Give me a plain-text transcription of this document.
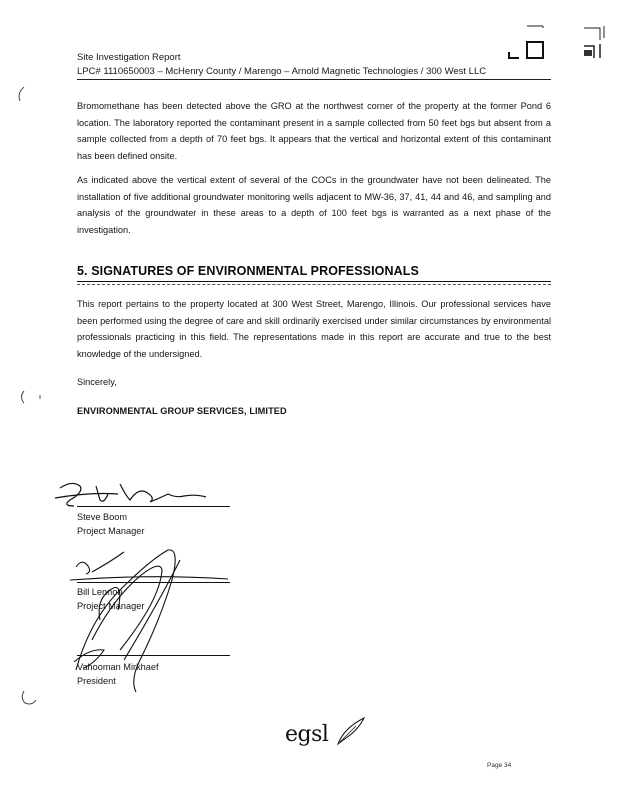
Site Investigation Report
LPC# 1110650003 – McHenry County / Marengo – Arnold Magnetic Technologies / 300 West LLC

Bromomethane has been detected above the GRO at the northwest corner of the property at the former Pond 6 location. The laboratory reported the contaminant present in a sample collected from 50 feet bgs but absent from a sample collected from a depth of 70 feet bgs. It appears that the vertical and horizontal extent of this contaminant has been defined onsite.

As indicated above the vertical extent of several of the COCs in the groundwater have not been delineated. The installation of five additional groundwater monitoring wells adjacent to MW-36, 37, 41, 44 and 46, and sampling and analysis of the groundwater in these areas to a depth of 100 feet bgs is warranted as a next phase of the investigation.

5. SIGNATURES OF ENVIRONMENTAL PROFESSIONALS

This report pertains to the property located at 300 West Street, Marengo, Illinois. Our professional services have been performed using the degree of care and skill ordinarily exercised under similar circumstances by environmental professionals practicing in this field. The representations made in this report are accurate and true to the best knowledge of the undersigned.

Sincerely,
ENVIRONMENTAL GROUP SERVICES, LIMITED
Steve Boom
Project Manager
Bill Lennon
Project Manager
Vahooman Mirkhaef
President
egsl
Page 34
